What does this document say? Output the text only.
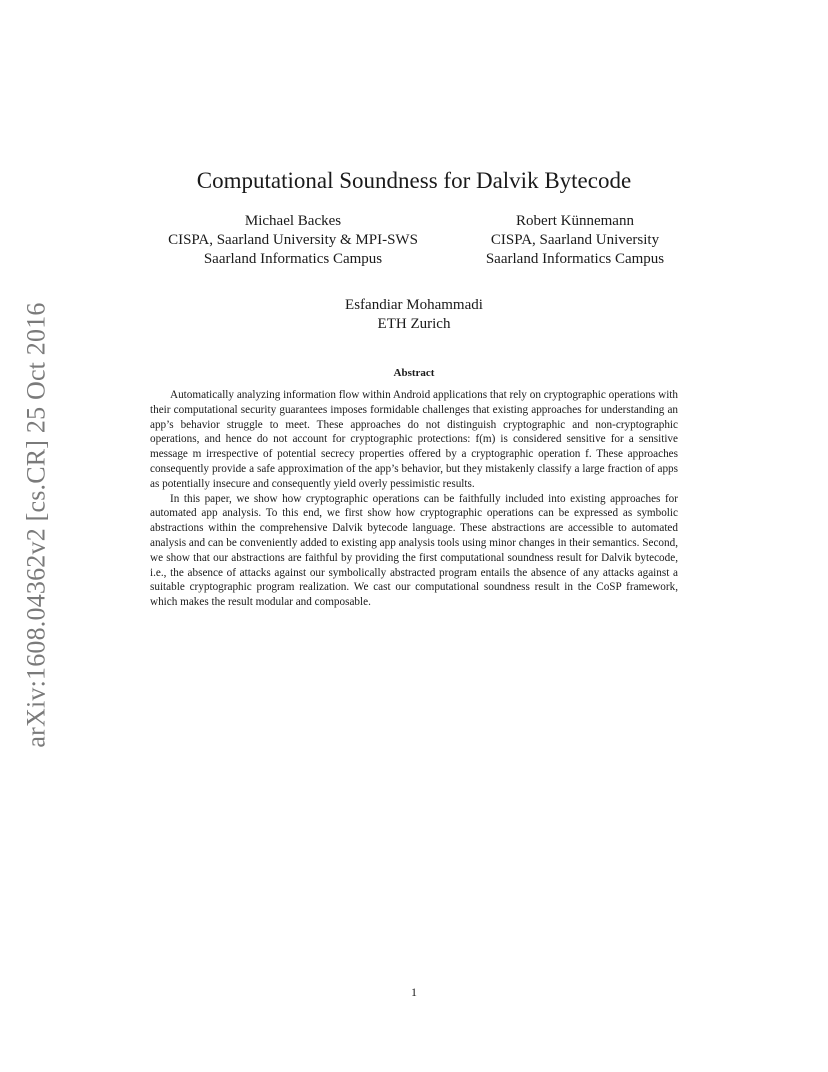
arXiv:1608.04362v2 [cs.CR] 25 Oct 2016
Computational Soundness for Dalvik Bytecode
Michael Backes
CISPA, Saarland University & MPI-SWS
Saarland Informatics Campus
Robert Künnemann
CISPA, Saarland University
Saarland Informatics Campus
Esfandiar Mohammadi
ETH Zurich
Abstract

Automatically analyzing information flow within Android applications that rely on cryptographic operations with their computational security guarantees imposes formidable challenges that existing approaches for understanding an app’s behavior struggle to meet. These approaches do not distinguish cryptographic and non-cryptographic operations, and hence do not account for cryptographic protections: f(m) is considered sensitive for a sensitive message m irrespective of potential secrecy properties offered by a cryptographic operation f. These approaches consequently provide a safe approximation of the app’s behavior, but they mistakenly classify a large fraction of apps as potentially insecure and consequently yield overly pessimistic results.

In this paper, we show how cryptographic operations can be faithfully included into existing approaches for automated app analysis. To this end, we first show how cryptographic operations can be expressed as symbolic abstractions within the comprehensive Dalvik bytecode language. These abstractions are accessible to automated analysis and can be conveniently added to existing app analysis tools using minor changes in their semantics. Second, we show that our abstractions are faithful by providing the first computational soundness result for Dalvik bytecode, i.e., the absence of attacks against our symbolically abstracted program entails the absence of any attacks against a suitable cryptographic program realization. We cast our computational soundness result in the CoSP framework, which makes the result modular and composable.

1
